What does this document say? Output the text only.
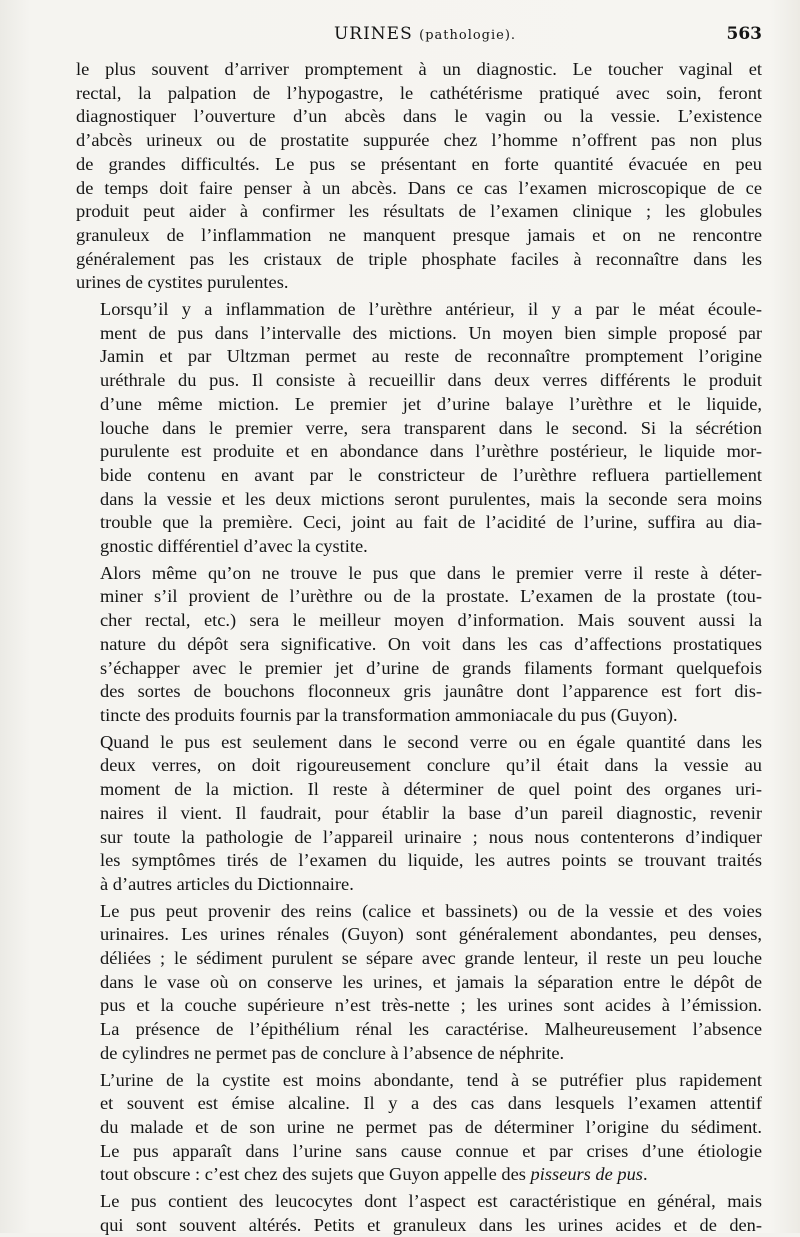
URINES (pathologie).	563
le plus souvent d’arriver promptement à un diagnostic. Le toucher vaginal et
rectal, la palpation de l’hypogastre, le cathétérisme pratiqué avec soin, feront
diagnostiquer l’ouverture d’un abcès dans le vagin ou la vessie. L’existence
d’abcès urineux ou de prostatite suppurée chez l’homme n’offrent pas non plus
de grandes difficultés. Le pus se présentant en forte quantité évacuée en peu
de temps doit faire penser à un abcès. Dans ce cas l’examen microscopique de ce
produit peut aider à confirmer les résultats de l’examen clinique ; les globules
granuleux de l’inflammation ne manquent presque jamais et on ne rencontre
généralement pas les cristaux de triple phosphate faciles à reconnaître dans les
urines de cystites purulentes.
Lorsqu’il y a inflammation de l’urèthre antérieur, il y a par le méat écoule-
ment de pus dans l’intervalle des mictions. Un moyen bien simple proposé par
Jamin et par Ultzman permet au reste de reconnaître promptement l’origine
uréthrale du pus. Il consiste à recueillir dans deux verres différents le produit
d’une même miction. Le premier jet d’urine balaye l’urèthre et le liquide,
louche dans le premier verre, sera transparent dans le second. Si la sécrétion
purulente est produite et en abondance dans l’urèthre postérieur, le liquide mor-
bide contenu en avant par le constricteur de l’urèthre refluera partiellement
dans la vessie et les deux mictions seront purulentes, mais la seconde sera moins
trouble que la première. Ceci, joint au fait de l’acidité de l’urine, suffira au dia-
gnostic différentiel d’avec la cystite.
Alors même qu’on ne trouve le pus que dans le premier verre il reste à déter-
miner s’il provient de l’urèthre ou de la prostate. L’examen de la prostate (tou-
cher rectal, etc.) sera le meilleur moyen d’information. Mais souvent aussi la
nature du dépôt sera significative. On voit dans les cas d’affections prostatiques
s’échapper avec le premier jet d’urine de grands filaments formant quelquefois
des sortes de bouchons floconneux gris jaunâtre dont l’apparence est fort dis-
tincte des produits fournis par la transformation ammoniacale du pus (Guyon).
Quand le pus est seulement dans le second verre ou en égale quantité dans les
deux verres, on doit rigoureusement conclure qu’il était dans la vessie au
moment de la miction. Il reste à déterminer de quel point des organes uri-
naires il vient. Il faudrait, pour établir la base d’un pareil diagnostic, revenir
sur toute la pathologie de l’appareil urinaire ; nous nous contenterons d’indiquer
les symptômes tirés de l’examen du liquide, les autres points se trouvant traités
à d’autres articles du Dictionnaire.
Le pus peut provenir des reins (calice et bassinets) ou de la vessie et des voies
urinaires. Les urines rénales (Guyon) sont généralement abondantes, peu denses,
déliées ; le sédiment purulent se sépare avec grande lenteur, il reste un peu louche
dans le vase où on conserve les urines, et jamais la séparation entre le dépôt de
pus et la couche supérieure n’est très-nette ; les urines sont acides à l’émission.
La présence de l’épithélium rénal les caractérise. Malheureusement l’absence
de cylindres ne permet pas de conclure à l’absence de néphrite.
L’urine de la cystite est moins abondante, tend à se putréfier plus rapidement
et souvent est émise alcaline. Il y a des cas dans lesquels l’examen attentif
du malade et de son urine ne permet pas de déterminer l’origine du sédiment.
Le pus apparaît dans l’urine sans cause connue et par crises d’une étiologie
tout obscure : c’est chez des sujets que Guyon appelle des pisseurs de pus.
Le pus contient des leucocytes dont l’aspect est caractéristique en général, mais
qui sont souvent altérés. Petits et granuleux dans les urines acides et de den-
